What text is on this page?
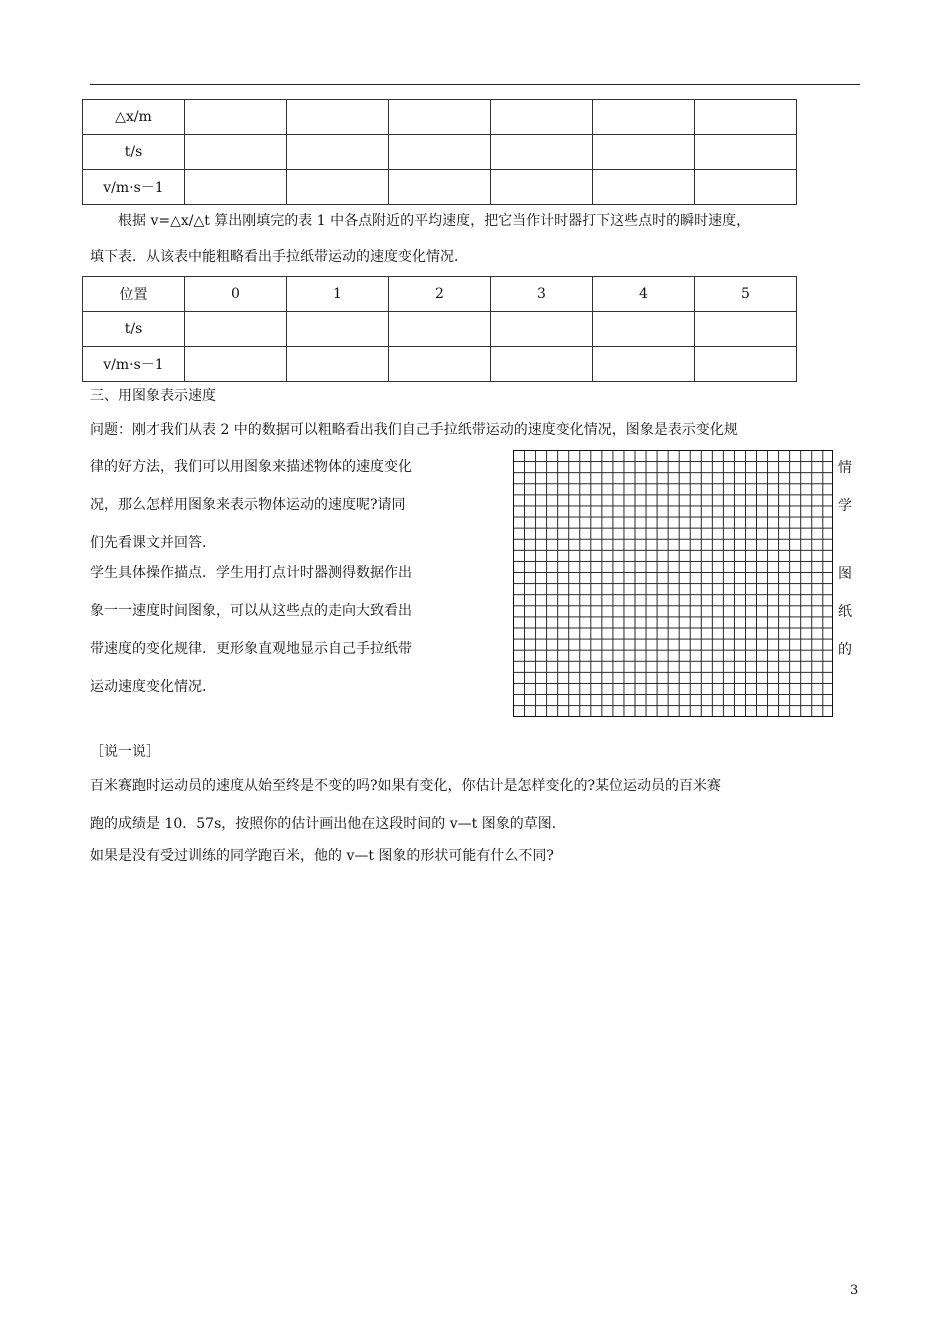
△x/m						
t/s						
v/m·s－1						

根据 v=△x/△t 算出刚填完的表 1 中各点附近的平均速度，把它当作计时器打下这些点时的瞬时速度，

填下表．从该表中能粗略看出手拉纸带运动的速度变化情况．

位置	0	1	2	3	4	5
t/s						
v/m·s－1						

三、用图象表示速度

问题：刚才我们从表 2 中的数据可以粗略看出我们自己手拉纸带运动的速度变化情况，图象是表示变化规

律的好方法，我们可以用图象来描述物体的速度变化

况，那么怎样用图象来表示物体运动的速度呢?请同

们先看课文并回答．

学生具体操作描点．学生用打点计时器测得数据作出

象一一速度时间图象，可以从这些点的走向大致看出

带速度的变化规律．更形象直观地显示自己手拉纸带

运动速度变化情况．

情
学
图
纸
的

［说一说］

百米赛跑时运动员的速度从始至终是不变的吗?如果有变化，你估计是怎样变化的?某位运动员的百米赛

跑的成绩是 10．57s，按照你的估计画出他在这段时间的 v—t 图象的草图．

如果是没有受过训练的同学跑百米，他的 v—t 图象的形状可能有什么不同?

3
